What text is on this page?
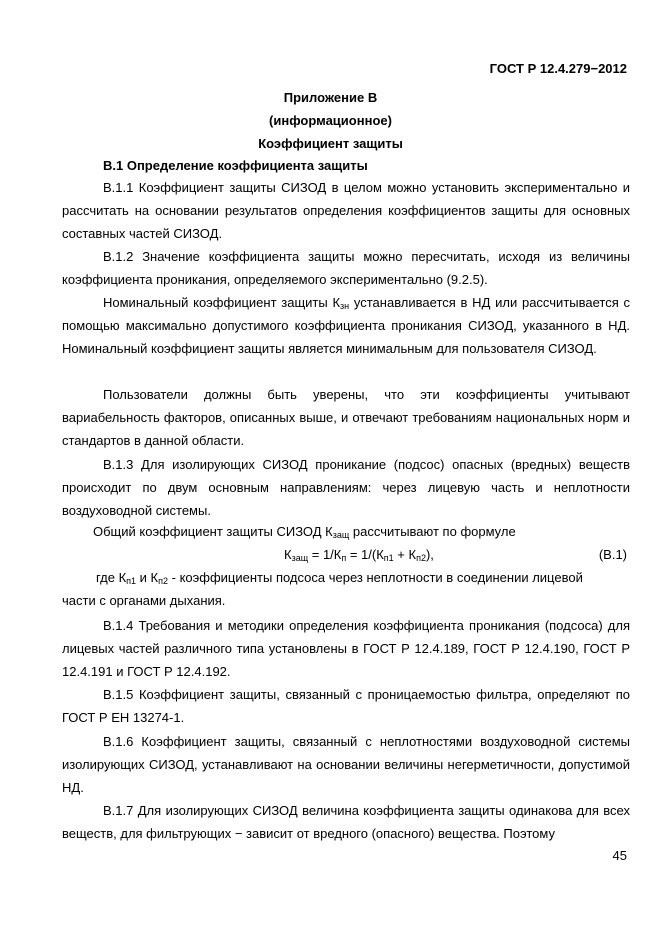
ГОСТ Р 12.4.279−2012
Приложение В
(информационное)
Коэффициент защиты
В.1 Определение коэффициента защиты
В.1.1 Коэффициент защиты СИЗОД в целом можно установить экспериментально и рассчитать на основании результатов определения коэффициентов защиты для основных составных частей СИЗОД.
В.1.2 Значение коэффициента защиты можно пересчитать, исходя из величины коэффициента проникания, определяемого экспериментально (9.2.5).
Номинальный коэффициент защиты $К_{зн}$ устанавливается в НД или рассчитывается с помощью максимально допустимого коэффициента проникания СИЗОД, указанного в НД. Номинальный коэффициент защиты является минимальным для пользователя СИЗОД.
Пользователи должны быть уверены, что эти коэффициенты учитывают вариабельность факторов, описанных выше, и отвечают требованиям национальных норм и стандартов в данной области.
В.1.3 Для изолирующих СИЗОД проникание (подсос) опасных (вредных) веществ происходит по двум основным направлениям: через лицевую часть и неплотности воздуховодной системы.
Общий коэффициент защиты СИЗОД $К_{защ}$ рассчитывают по формуле
$К_{защ} = 1/К_п = 1/(К_{п1} + К_{п2})$,	(В.1)
где $К_{п1}$ и $К_{п2}$ - коэффициенты подсоса через неплотности в соединении лицевой
части с органами дыхания.
В.1.4 Требования и методики определения коэффициента проникания (подсоса) для лицевых частей различного типа установлены в ГОСТ Р 12.4.189, ГОСТ Р 12.4.190, ГОСТ Р 12.4.191 и ГОСТ Р 12.4.192.
В.1.5 Коэффициент защиты, связанный с проницаемостью фильтра, определяют по ГОСТ Р ЕН 13274-1.
В.1.6 Коэффициент защиты, связанный с неплотностями воздуховодной системы изолирующих СИЗОД, устанавливают на основании величины негерметичности, допустимой НД.
В.1.7 Для изолирующих СИЗОД величина коэффициента защиты одинакова для всех веществ, для фильтрующих − зависит от вредного (опасного) вещества. Поэтому
45
